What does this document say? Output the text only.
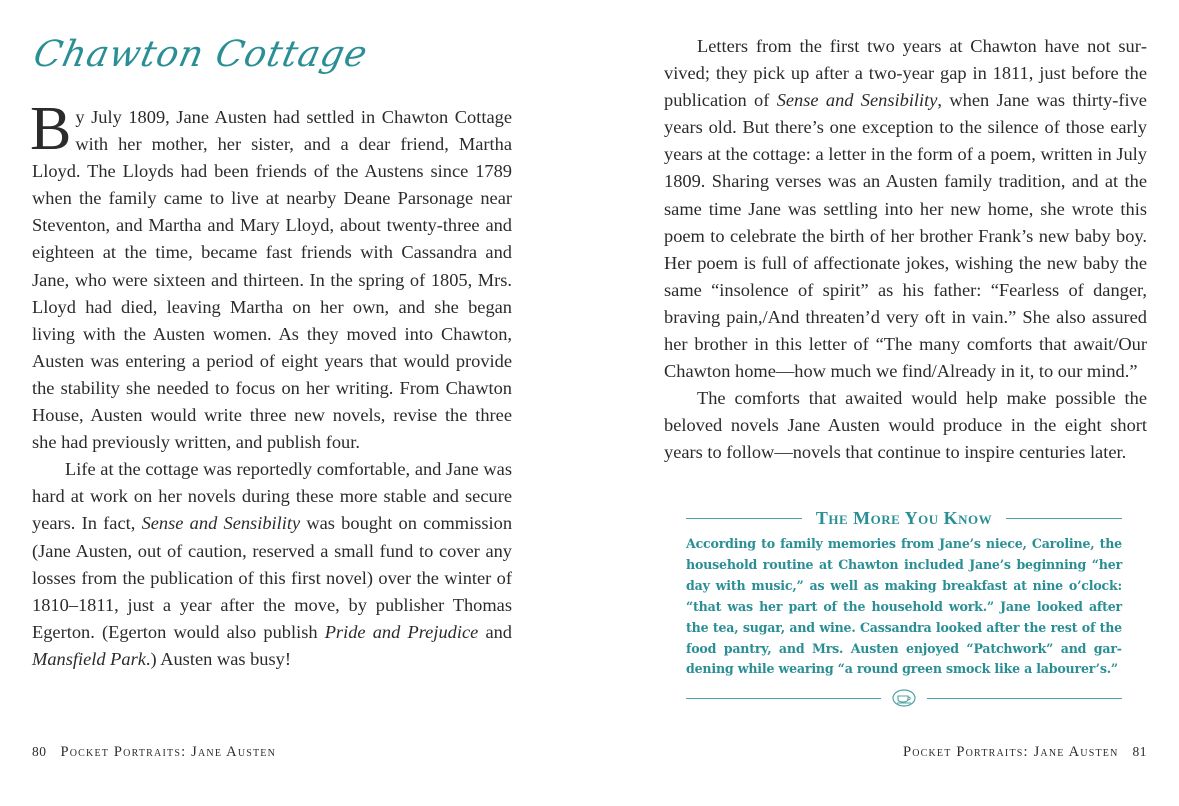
Chawton Cottage

By July 1809, Jane Austen had settled in Chawton Cottage with her mother, her sister, and a dear friend, Martha Lloyd. The Lloyds had been friends of the Austens since 1789 when the family came to live at nearby Deane Parsonage near Steventon, and Martha and Mary Lloyd, about twenty-three and eighteen at the time, became fast friends with Cassandra and Jane, who were sixteen and thirteen. In the spring of 1805, Mrs. Lloyd had died, leaving Martha on her own, and she began living with the Austen women. As they moved into Chawton, Austen was entering a period of eight years that would provide the stability she needed to focus on her writing. From Chawton House, Austen would write three new novels, revise the three she had previously written, and publish four.

Life at the cottage was reportedly comfortable, and Jane was hard at work on her novels during these more stable and secure years. In fact, Sense and Sensibility was bought on commission (Jane Austen, out of caution, reserved a small fund to cover any losses from the publication of this first novel) over the winter of 1810–1811, just a year after the move, by publisher Thomas Egerton. (Egerton would also publish Pride and Prejudice and Mansfield Park.) Austen was busy!

80 Pocket Portraits: Jane Austen

Letters from the first two years at Chawton have not survived; they pick up after a two-year gap in 1811, just before the publication of Sense and Sensibility, when Jane was thirty-five years old. But there’s one exception to the silence of those early years at the cottage: a letter in the form of a poem, written in July 1809. Sharing verses was an Austen family tradition, and at the same time Jane was settling into her new home, she wrote this poem to celebrate the birth of her brother Frank’s new baby boy. Her poem is full of affectionate jokes, wishing the new baby the same “insolence of spirit” as his father: “Fearless of danger, braving pain,/And threaten’d very oft in vain.” She also assured her brother in this letter of “The many comforts that await/Our Chawton home—how much we find/Already in it, to our mind.”

The comforts that awaited would help make possible the beloved novels Jane Austen would produce in the eight short years to follow—novels that continue to inspire centuries later.

The More You Know
According to family memories from Jane’s niece, Caroline, the household routine at Chawton included Jane’s beginning “her day with music,” as well as making breakfast at nine o’clock: “that was her part of the household work.” Jane looked after the tea, sugar, and wine. Cassandra looked after the rest of the food pantry, and Mrs. Austen enjoyed “Patchwork” and gardening while wearing “a round green smock like a labourer’s.”
Pocket Portraits: Jane Austen 81
